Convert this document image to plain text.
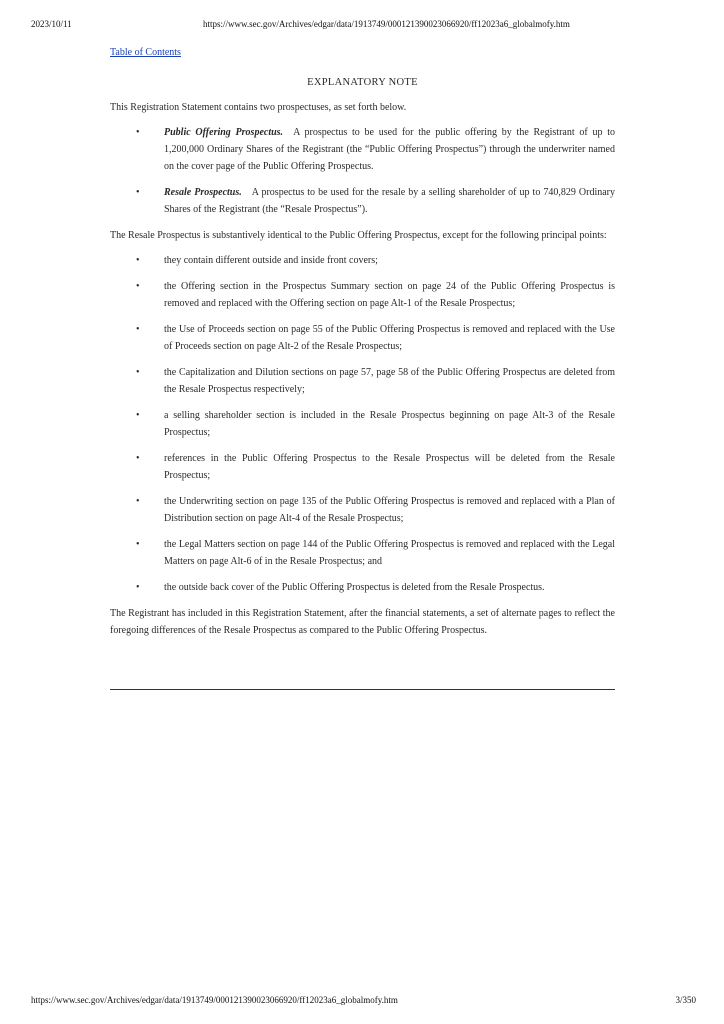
2023/10/11	https://www.sec.gov/Archives/edgar/data/1913749/000121390023066920/ff12023a6_globalmofy.htm
Table of Contents
EXPLANATORY NOTE

This Registration Statement contains two prospectuses, as set forth below.

• Public Offering Prospectus. A prospectus to be used for the public offering by the Registrant of up to 1,200,000 Ordinary Shares of the Registrant (the “Public Offering Prospectus”) through the underwriter named on the cover page of the Public Offering Prospectus.
• Resale Prospectus. A prospectus to be used for the resale by a selling shareholder of up to 740,829 Ordinary Shares of the Registrant (the “Resale Prospectus”).

The Resale Prospectus is substantively identical to the Public Offering Prospectus, except for the following principal points:

• they contain different outside and inside front covers;
• the Offering section in the Prospectus Summary section on page 24 of the Public Offering Prospectus is removed and replaced with the Offering section on page Alt-1 of the Resale Prospectus;
• the Use of Proceeds section on page 55 of the Public Offering Prospectus is removed and replaced with the Use of Proceeds section on page Alt-2 of the Resale Prospectus;
• the Capitalization and Dilution sections on page 57, page 58 of the Public Offering Prospectus are deleted from the Resale Prospectus respectively;
• a selling shareholder section is included in the Resale Prospectus beginning on page Alt-3 of the Resale Prospectus;
• references in the Public Offering Prospectus to the Resale Prospectus will be deleted from the Resale Prospectus;
• the Underwriting section on page 135 of the Public Offering Prospectus is removed and replaced with a Plan of Distribution section on page Alt-4 of the Resale Prospectus;
• the Legal Matters section on page 144 of the Public Offering Prospectus is removed and replaced with the Legal Matters on page Alt-6 of in the Resale Prospectus; and
• the outside back cover of the Public Offering Prospectus is deleted from the Resale Prospectus.

The Registrant has included in this Registration Statement, after the financial statements, a set of alternate pages to reflect the foregoing differences of the Resale Prospectus as compared to the Public Offering Prospectus.

https://www.sec.gov/Archives/edgar/data/1913749/000121390023066920/ff12023a6_globalmofy.htm	3/350
